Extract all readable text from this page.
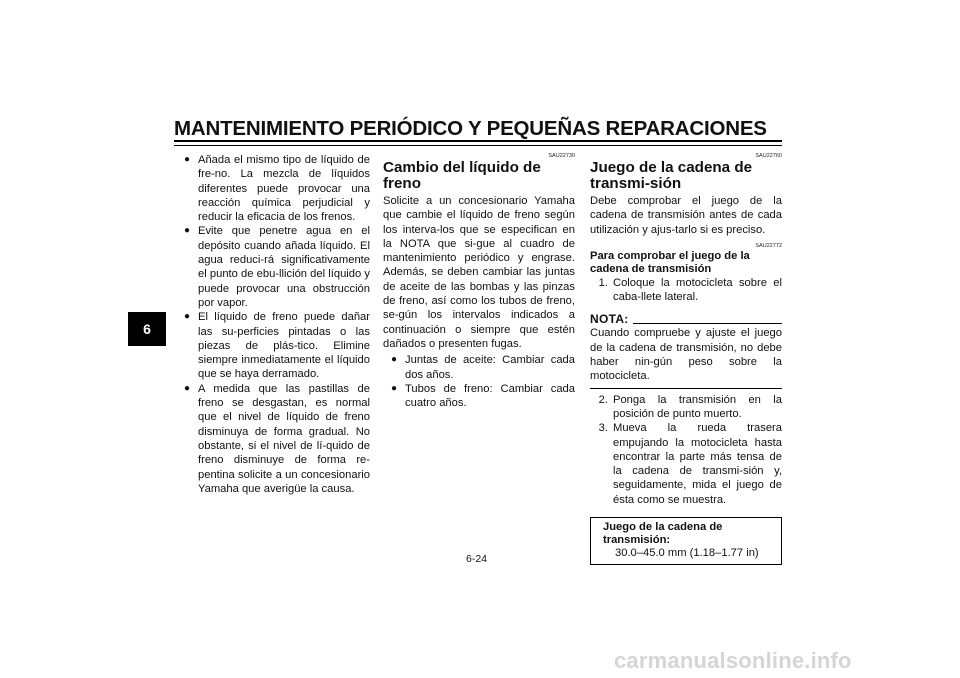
MANTENIMIENTO PERIÓDICO Y PEQUEÑAS REPARACIONES
6
● Añada el mismo tipo de líquido de fre-no. La mezcla de líquidos diferentes puede provocar una reacción química perjudicial y reducir la eficacia de los frenos.
● Evite que penetre agua en el depósito cuando añada líquido. El agua reduci-rá significativamente el punto de ebu-llición del líquido y puede provocar una obstrucción por vapor.
● El líquido de freno puede dañar las su-perficies pintadas o las piezas de plás-tico. Elimine siempre inmediatamente el líquido que se haya derramado.
● A medida que las pastillas de freno se desgastan, es normal que el nivel de líquido de freno disminuya de forma gradual. No obstante, si el nivel de lí-quido de freno disminuye de forma re-pentina solicite a un concesionario Yamaha que averigüe la causa.
SAU22730
Cambio del líquido de freno

Solicite a un concesionario Yamaha que cambie el líquido de freno según los interva-los que se especifican en la NOTA que si-gue al cuadro de mantenimiento periódico y engrase. Además, se deben cambiar las juntas de aceite de las bombas y las pinzas de freno, así como los tubos de freno, se-gún los intervalos indicados a continuación o siempre que estén dañados o presenten fugas.

● Juntas de aceite: Cambiar cada dos años.
● Tubos de freno: Cambiar cada cuatro años.
SAU22760
Juego de la cadena de transmi-sión

Debe comprobar el juego de la cadena de transmisión antes de cada utilización y ajus-tarlo si es preciso.

SAU22772
Para comprobar el juego de la cadena de transmisión
1. Coloque la motocicleta sobre el caba-llete lateral.
NOTA:

Cuando compruebe y ajuste el juego de la cadena de transmisión, no debe haber nin-gún peso sobre la motocicleta.

2. Ponga la transmisión en la posición de punto muerto.
3. Mueva la rueda trasera empujando la motocicleta hasta encontrar la parte más tensa de la cadena de transmi-sión y, seguidamente, mida el juego de ésta como se muestra.
Juego de la cadena de transmisión:
30.0–45.0 mm (1.18–1.77 in)
6-24
carmanualsonline.info
